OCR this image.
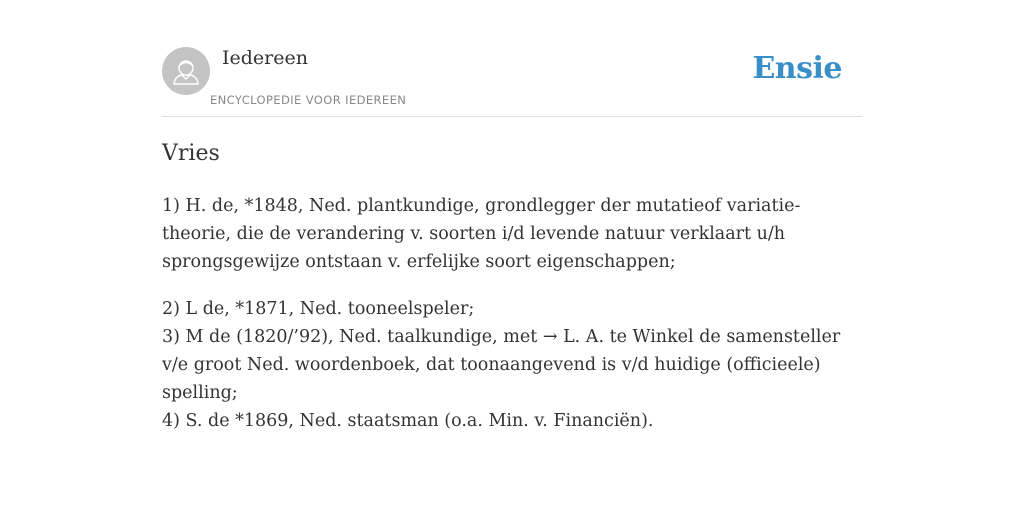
Iedereen
ENCYCLOPEDIE VOOR IEDEREEN
Ensie
Vries

1) H. de, *1848, Ned. plantkundige, grondlegger der mutatieof variatie-theorie, die de verandering v. soorten i/d levende natuur verklaart u/h sprongsgewijze ontstaan v. erfelijke soort eigenschappen;

2) L de, *1871, Ned. tooneelspeler;
3) M de (1820/’92), Ned. taalkundige, met → L. A. te Winkel de samensteller v/e groot Ned. woordenboek, dat toonaangevend is v/d huidige (officieele) spelling;
4) S. de *1869, Ned. staatsman (o.a. Min. v. Financiën).
